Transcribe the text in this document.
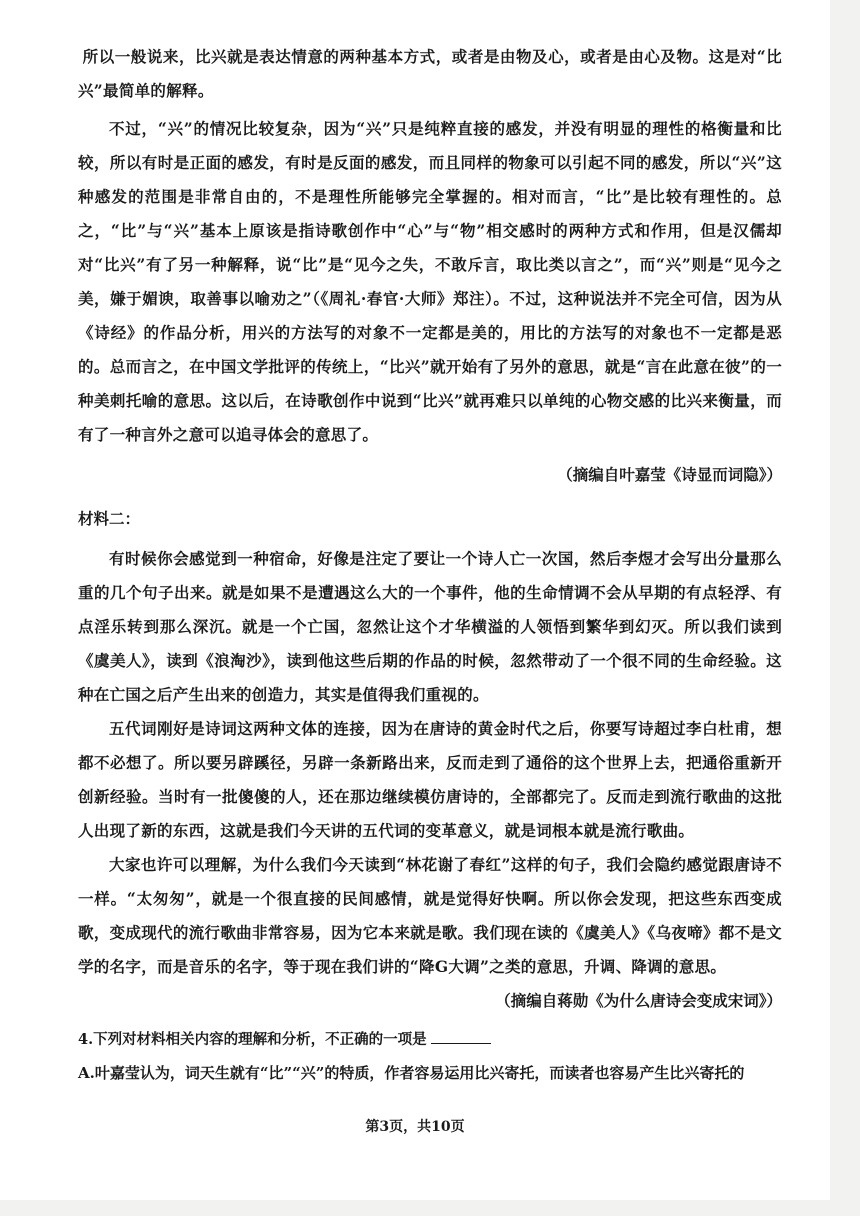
所以一般说来，比兴就是表达情意的两种基本方式，或者是由物及心，或者是由心及物。这是对“比兴”最简单的解释。

不过，“兴”的情况比较复杂，因为“兴”只是纯粹直接的感发，并没有明显的理性的格衡量和比较，所以有时是正面的感发，有时是反面的感发，而且同样的物象可以引起不同的感发，所以“兴”这种感发的范围是非常自由的，不是理性所能够完全掌握的。相对而言，“比”是比较有理性的。总之，“比”与“兴”基本上原该是指诗歌创作中“心”与“物”相交感时的两种方式和作用，但是汉儒却对“比兴”有了另一种解释，说“比”是“见今之失，不敢斥言，取比类以言之”，而“兴”则是“见今之美，嫌于媚谀，取善事以喻劝之”（《周礼·春官·大师》郑注）。不过，这种说法并不完全可信，因为从《诗经》的作品分析，用兴的方法写的对象不一定都是美的，用比的方法写的对象也不一定都是恶的。总而言之，在中国文学批评的传统上，“比兴”就开始有了另外的意思，就是“言在此意在彼”的一种美刺托喻的意思。这以后，在诗歌创作中说到“比兴”就再难只以单纯的心物交感的比兴来衡量，而有了一种言外之意可以追寻体会的意思了。

（摘编自叶嘉莹《诗显而词隐》）

材料二：

有时候你会感觉到一种宿命，好像是注定了要让一个诗人亡一次国，然后李煜才会写出分量那么重的几个句子出来。就是如果不是遭遇这么大的一个事件，他的生命情调不会从早期的有点轻浮、有点淫乐转到那么深沉。就是一个亡国，忽然让这个才华横溢的人领悟到繁华到幻灭。所以我们读到《虞美人》，读到《浪淘沙》，读到他这些后期的作品的时候，忽然带动了一个很不同的生命经验。这种在亡国之后产生出来的创造力，其实是值得我们重视的。

五代词刚好是诗词这两种文体的连接，因为在唐诗的黄金时代之后，你要写诗超过李白杜甫，想都不必想了。所以要另辟蹊径，另辟一条新路出来，反而走到了通俗的这个世界上去，把通俗重新开创新经验。当时有一批傻傻的人，还在那边继续模仿唐诗的，全部都完了。反而走到流行歌曲的这批人出现了新的东西，这就是我们今天讲的五代词的变革意义，就是词根本就是流行歌曲。

大家也许可以理解，为什么我们今天读到“林花谢了春红”这样的句子，我们会隐约感觉跟唐诗不一样。“太匆匆”，就是一个很直接的民间感情，就是觉得好快啊。所以你会发现，把这些东西变成歌，变成现代的流行歌曲非常容易，因为它本来就是歌。我们现在读的《虞美人》《乌夜啼》都不是文学的名字，而是音乐的名字，等于现在我们讲的“降G大调”之类的意思，升调、降调的意思。

（摘编自蒋勋《为什么唐诗会变成宋词》）

4.下列对材料相关内容的理解和分析，不正确的一项是

A.叶嘉莹认为，词天生就有“比”“兴”的特质，作者容易运用比兴寄托，而读者也容易产生比兴寄托的

第3页，共10页
